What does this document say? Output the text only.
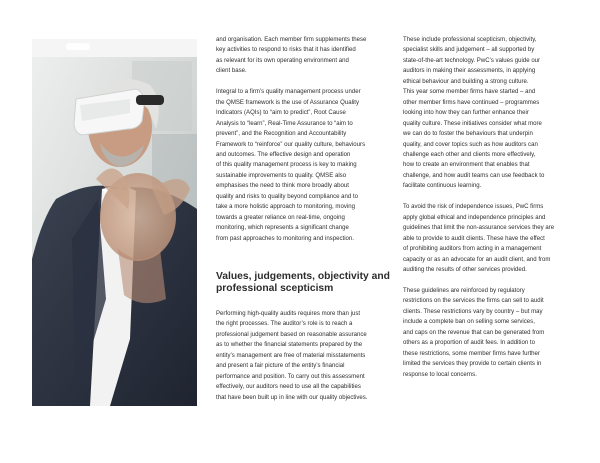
and organisation. Each member firm supplements these
key activities to respond to risks that it has identified
as relevant for its own operating environment and
client base.

Integral to a firm’s quality management process under
the QMSE framework is the use of Assurance Quality
Indicators (AQIs) to “aim to predict”, Root Cause
Analysis to “learn”, Real-Time Assurance to “aim to
prevent”, and the Recognition and Accountability
Framework to “reinforce” our quality culture, behaviours
and outcomes. The effective design and operation
of this quality management process is key to making
sustainable improvements to quality. QMSE also
emphasises the need to think more broadly about
quality and risks to quality beyond compliance and to
take a more holistic approach to monitoring, moving
towards a greater reliance on real-time, ongoing
monitoring, which represents a significant change
from past approaches to monitoring and inspection.

Values, judgements, objectivity and
professional scepticism

Performing high-quality audits requires more than just
the right processes. The auditor’s role is to reach a
professional judgement based on reasonable assurance
as to whether the financial statements prepared by the
entity’s management are free of material misstatements
and present a fair picture of the entity’s financial
performance and position. To carry out this assessment
effectively, our auditors need to use all the capabilities
that have been built up in line with our quality objectives.

These include professional scepticism, objectivity,
specialist skills and judgement – all supported by
state-of-the-art technology. PwC’s values guide our
auditors in making their assessments, in applying
ethical behaviour and building a strong culture.
This year some member firms have started – and
other member firms have continued – programmes
looking into how they can further enhance their
quality culture. These initiatives consider what more
we can do to foster the behaviours that underpin
quality, and cover topics such as how auditors can
challenge each other and clients more effectively,
how to create an environment that enables that
challenge, and how audit teams can use feedback to
facilitate continuous learning.

To avoid the risk of independence issues, PwC firms
apply global ethical and independence principles and
guidelines that limit the non-assurance services they are
able to provide to audit clients. These have the effect
of prohibiting auditors from acting in a management
capacity or as an advocate for an audit client, and from
auditing the results of other services provided.

These guidelines are reinforced by regulatory
restrictions on the services the firms can sell to audit
clients. These restrictions vary by country – but may
include a complete ban on selling some services,
and caps on the revenue that can be generated from
others as a proportion of audit fees. In addition to
these restrictions, some member firms have further
limited the services they provide to certain clients in
response to local concerns.
